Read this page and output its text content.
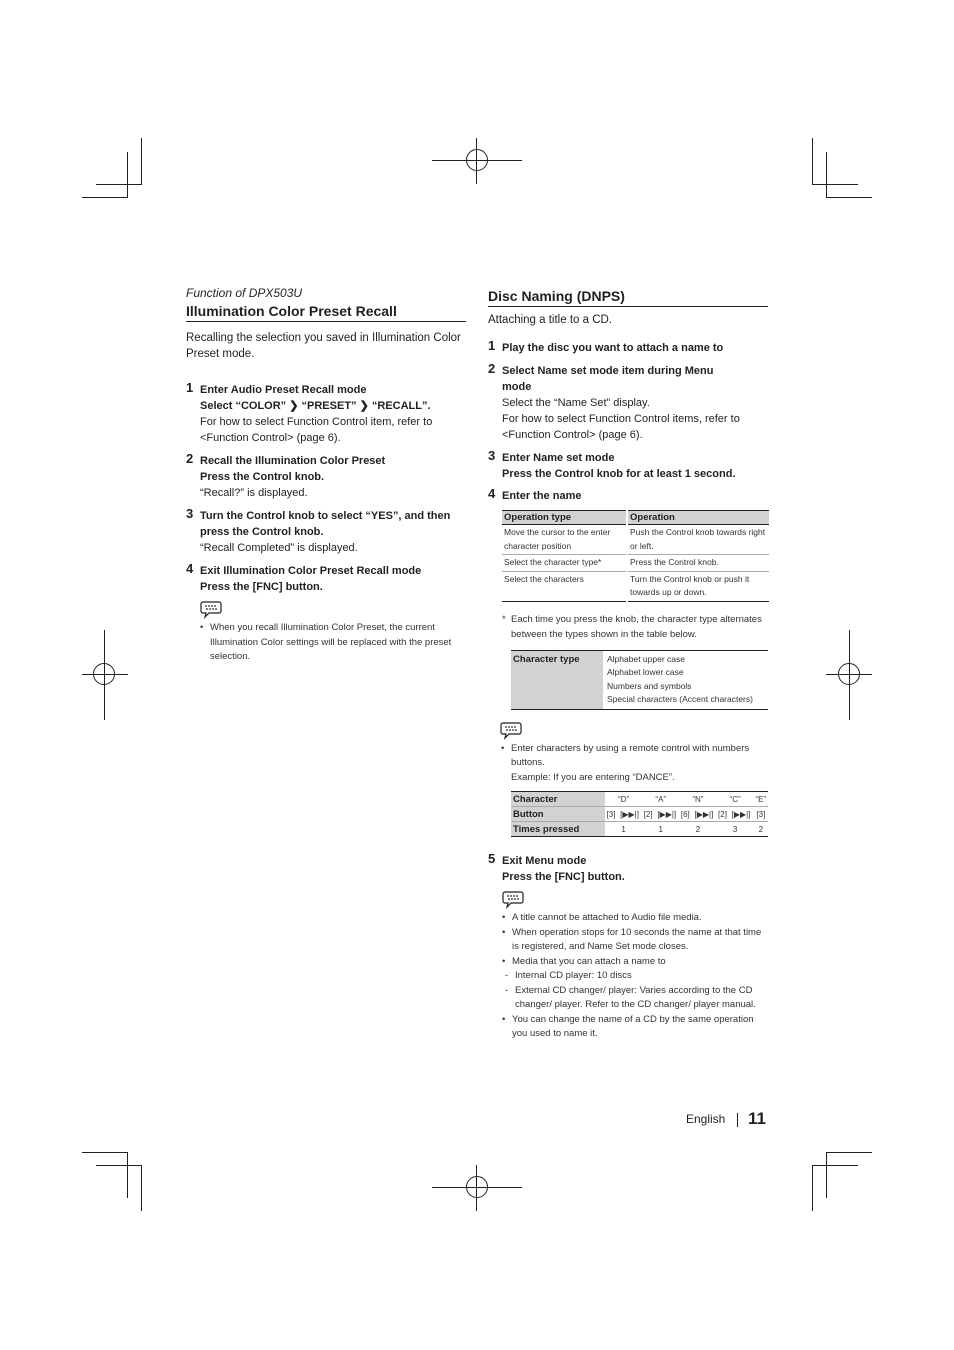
Function of DPX503U
Illumination Color Preset Recall

Recalling the selection you saved in Illumination Color Preset mode.

1 Enter Audio Preset Recall mode
Select “COLOR” ❯ “PRESET” ❯ “RECALL”.
For how to select Function Control item, refer to
<Function Control> (page 6).
2 Recall the Illumination Color Preset
Press the Control knob.
“Recall?” is displayed.
3 Turn the Control knob to select “YES”, and then
press the Control knob.
“Recall Completed” is displayed.
4 Exit Illumination Color Preset Recall mode
Press the [FNC] button.
• When you recall Illumination Color Preset, the current Illumination Color settings will be replaced with the preset selection.
Disc Naming (DNPS)

Attaching a title to a CD.

1 Play the disc you want to attach a name to
2 Select Name set mode item during Menu
mode
Select the “Name Set” display.
For how to select Function Control items, refer to
<Function Control> (page 6).
3 Enter Name set mode
Press the Control knob for at least 1 second.
4 Enter the name
Operation type	Operation
Move the cursor to the enter character position	Push the Control knob towards right or left.
Select the character type*	Press the Control knob.
Select the characters	Turn the Control knob or push it towards up or down.
* Each time you press the knob, the character type alternates between the types shown in the table below.
Character type	Alphabet upper case
Alphabet lower case
Numbers and symbols
Special characters (Accent characters)
• Enter characters by using a remote control with numbers buttons.
Example: If you are entering “DANCE”.
Character	“D”		“A”		“N”		“C”		“E”
Button	[3]	[▶▶|]	[2]	[▶▶|]	[6]	[▶▶|]	[2]	[▶▶|]	[3]
Times pressed	1		1		2		3		2
5 Exit Menu mode
Press the [FNC] button.
• A title cannot be attached to Audio file media.
• When operation stops for 10 seconds the name at that time is registered, and Name Set mode closes.
• Media that you can attach a name to
- Internal CD player: 10 discs
- External CD changer/ player: Varies according to the CD changer/ player. Refer to the CD changer/ player manual.
• You can change the name of a CD by the same operation you used to name it.
English 11
